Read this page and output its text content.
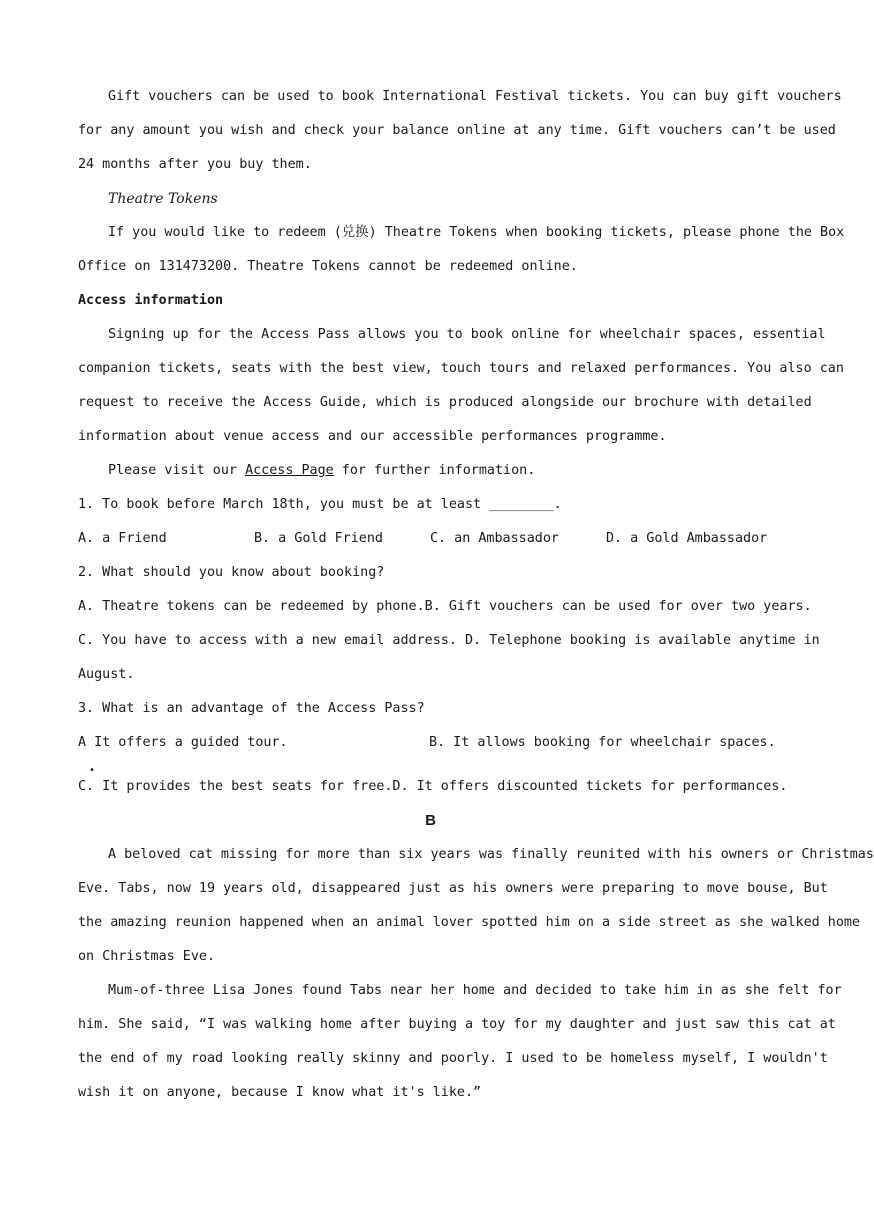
Gift vouchers can be used to book International Festival tickets. You can buy gift vouchers
for any amount you wish and check your balance online at any time. Gift vouchers can’t be used
24 months after you buy them.
Theatre Tokens
If you would like to redeem (兑换) Theatre Tokens when booking tickets, please phone the Box
Office on 131473200. Theatre Tokens cannot be redeemed online.
Access information
Signing up for the Access Pass allows you to book online for wheelchair spaces, essential
companion tickets, seats with the best view, touch tours and relaxed performances. You also can
request to receive the Access Guide, which is produced alongside our brochure with detailed
information about venue access and our accessible performances programme.
Please visit our Access Page for further information.
1. To book before March 18th, you must be at least ________.
A. a Friend	B. a Gold Friend	C. an Ambassador	D. a Gold Ambassador
2. What should you know about booking?
A. Theatre tokens can be redeemed by phone. B. Gift vouchers can be used for over two years.
C. You have to access with a new email address. D. Telephone booking is available anytime in
August.
3. What is an advantage of the Access Pass?
A It offers a guided tour.	B. It allows booking for wheelchair spaces.
•
C. It provides the best seats for free. D. It offers discounted tickets for performances.
B
A beloved cat missing for more than six years was finally reunited with his owners or Christmas
Eve. Tabs, now 19 years old, disappeared just as his owners were preparing to move bouse, But
the amazing reunion happened when an animal lover spotted him on a side street as she walked home
on Christmas Eve.
Mum-of-three Lisa Jones found Tabs near her home and decided to take him in as she felt for
him. She said, “I was walking home after buying a toy for my daughter and just saw this cat at
the end of my road looking really skinny and poorly. I used to be homeless myself, I wouldn't
wish it on anyone, because I know what it's like.”
